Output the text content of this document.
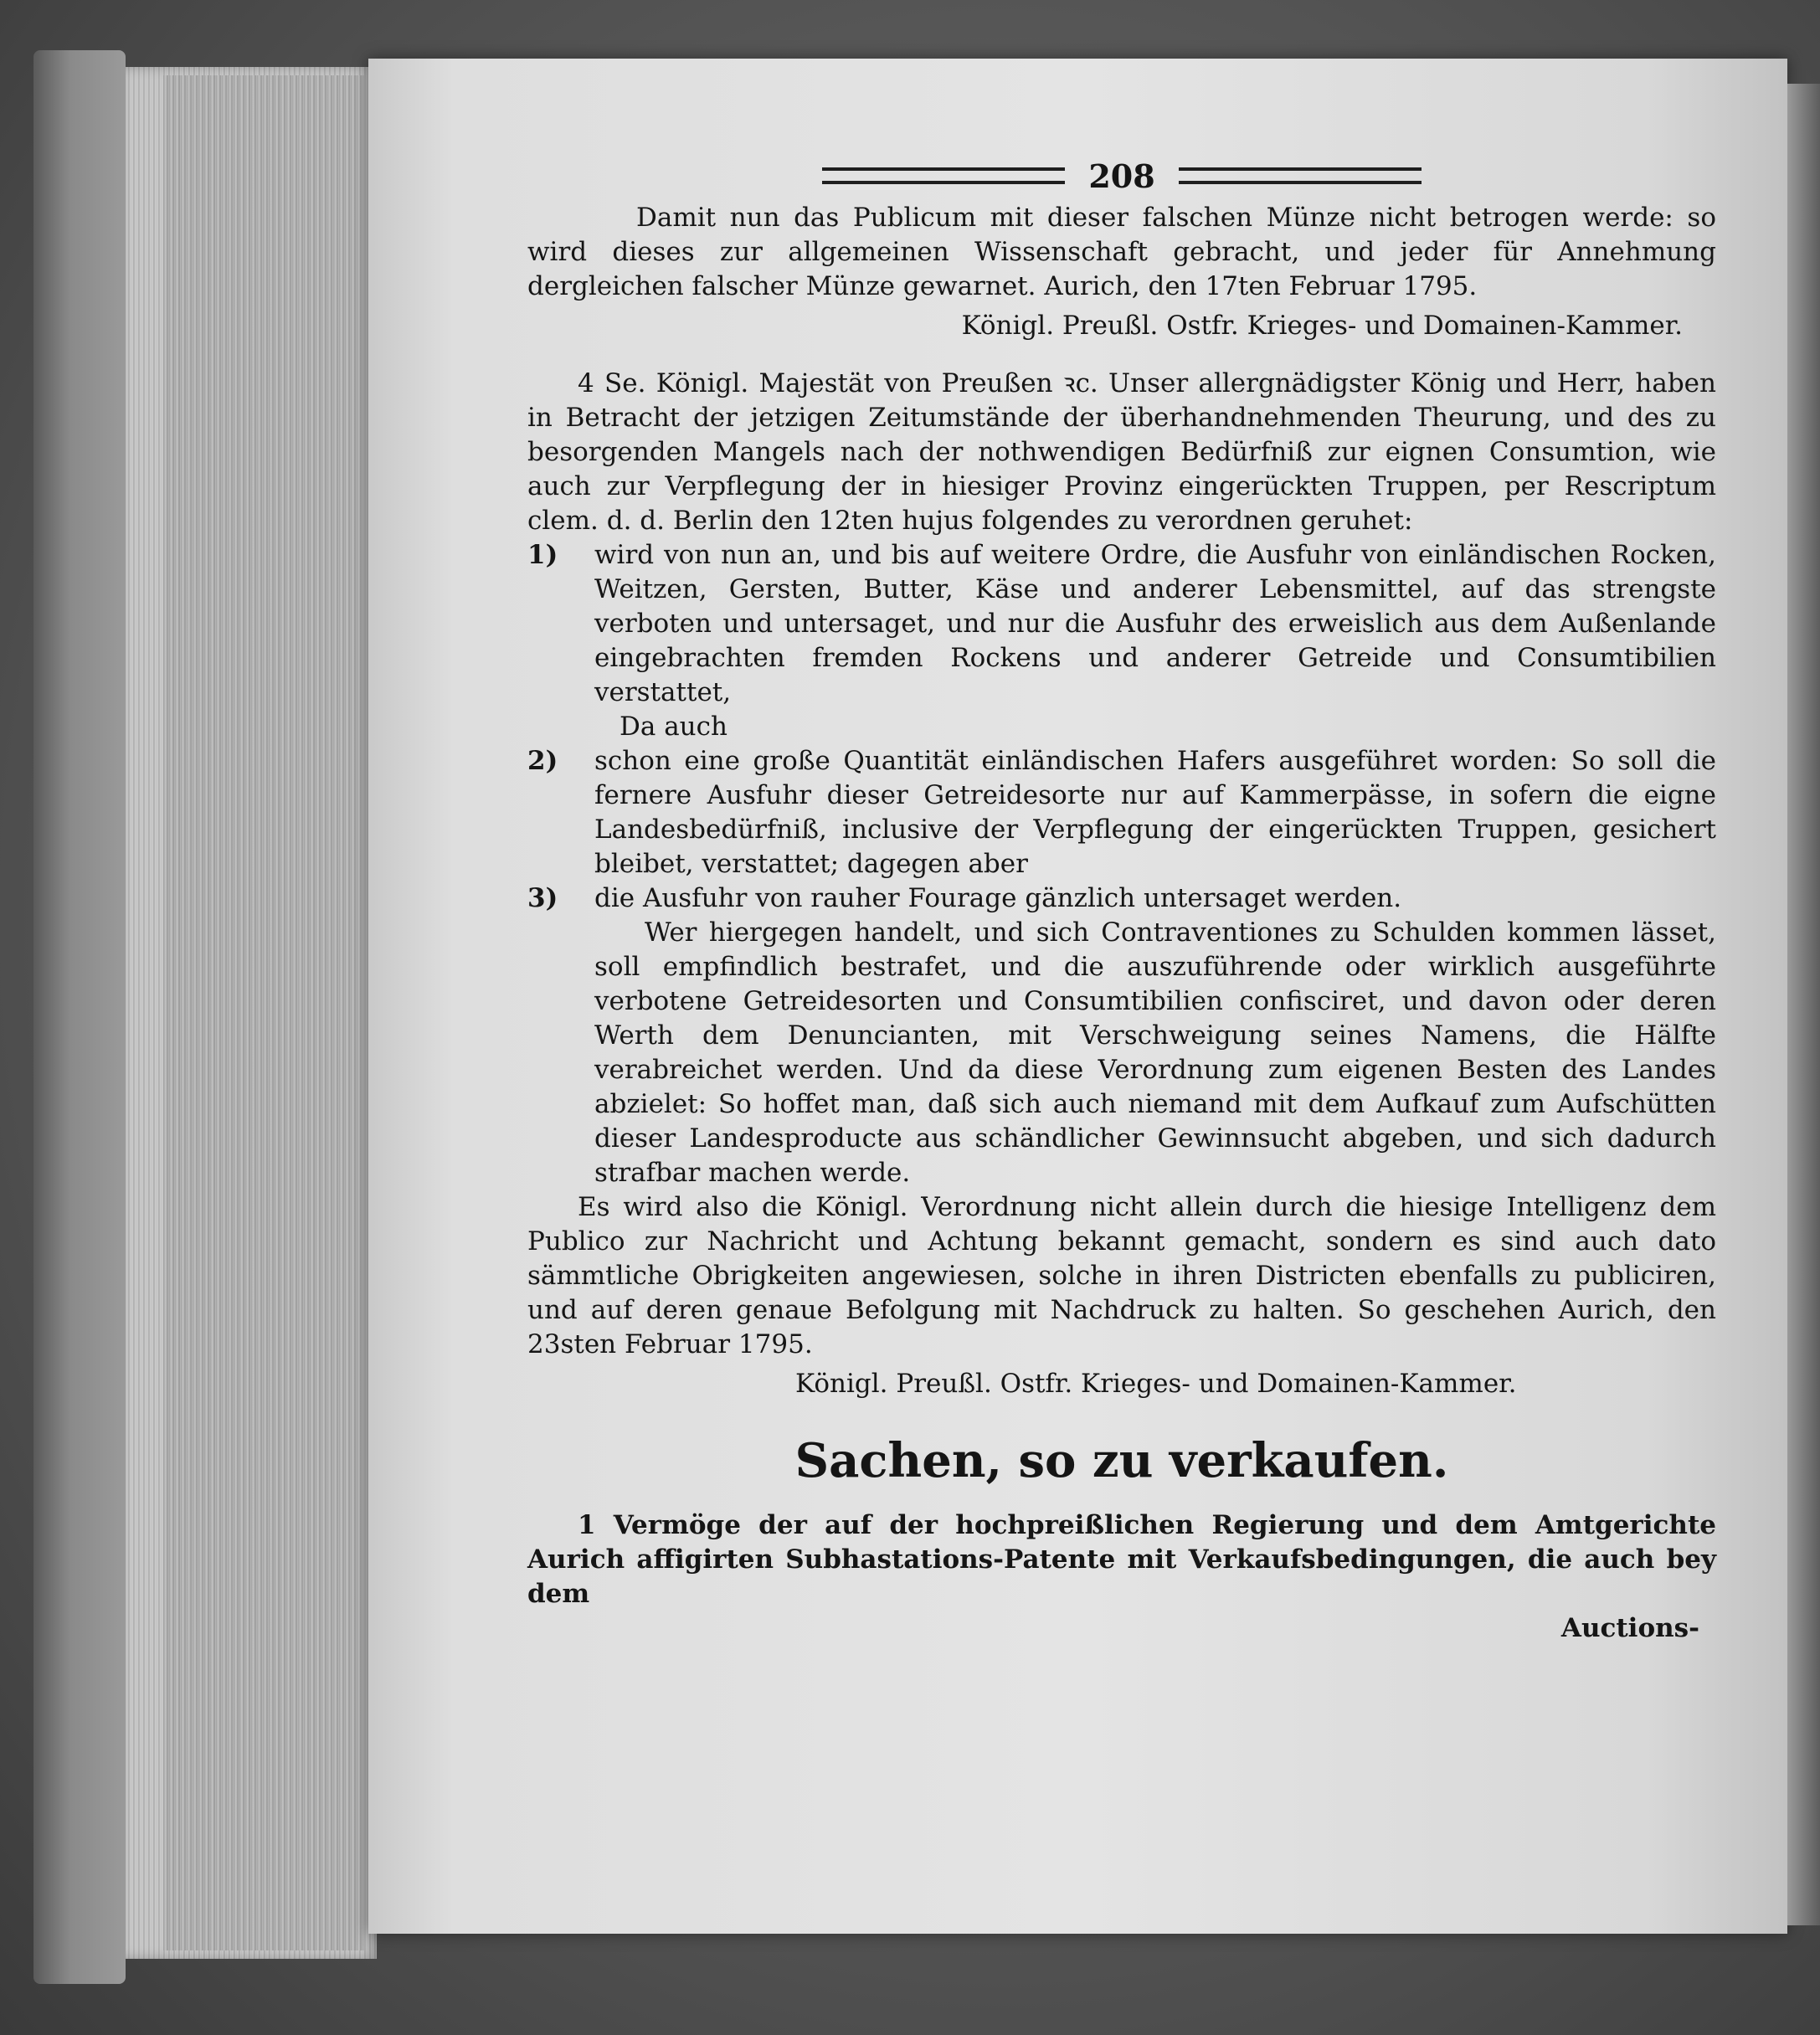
208

Damit nun das Publicum mit dieser falschen Münze nicht betrogen werde: so wird dieses zur allgemeinen Wissenschaft gebracht, und jeder für Annehmung dergleichen falscher Münze gewarnet. Aurich, den 17ten Februar 1795.

Königl. Preußl. Ostfr. Krieges- und Domainen-Kammer.

4 Se. Königl. Majestät von Preußen ꝛc. Unser allergnädigster König und Herr, haben in Betracht der jetzigen Zeitumstände der überhandnehmenden Theurung, und des zu besorgenden Mangels nach der nothwendigen Bedürfniß zur eignen Consumtion, wie auch zur Verpflegung der in hiesiger Provinz eingerückten Truppen, per Rescriptum clem. d. d. Berlin den 12ten hujus folgendes zu verordnen geruhet:

1)	wird von nun an, und bis auf weitere Ordre, die Ausfuhr von einländischen Rocken, Weitzen, Gersten, Butter, Käse und anderer Lebensmittel, auf das strengste verboten und untersaget, und nur die Ausfuhr des erweislich aus dem Außenlande eingebrachten fremden Rockens und anderer Getreide und Consumtibilien verstattet,

Da auch

2)	schon eine große Quantität einländischen Hafers ausgeführet worden: So soll die fernere Ausfuhr dieser Getreidesorte nur auf Kammerpässe, in sofern die eigne Landesbedürfniß, inclusive der Verpflegung der eingerückten Truppen, gesichert bleibet, verstattet; dagegen aber
3)	die Ausfuhr von rauher Fourage gänzlich untersaget werden.

Wer hiergegen handelt, und sich Contraventiones zu Schulden kommen lässet, soll empfindlich bestrafet, und die auszuführende oder wirklich ausgeführte verbotene Getreidesorten und Consumtibilien confisciret, und davon oder deren Werth dem Denuncianten, mit Verschweigung seines Namens, die Hälfte verabreichet werden. Und da diese Verordnung zum eigenen Besten des Landes abzielet: So hoffet man, daß sich auch niemand mit dem Aufkauf zum Aufschütten dieser Landesproducte aus schändlicher Gewinnsucht abgeben, und sich dadurch strafbar machen werde.

Es wird also die Königl. Verordnung nicht allein durch die hiesige Intelligenz dem Publico zur Nachricht und Achtung bekannt gemacht, sondern es sind auch dato sämmtliche Obrigkeiten angewiesen, solche in ihren Districten ebenfalls zu publiciren, und auf deren genaue Befolgung mit Nachdruck zu halten. So geschehen Aurich, den 23sten Februar 1795.

Königl. Preußl. Ostfr. Krieges- und Domainen-Kammer.

Sachen, so zu verkaufen.

1 Vermöge der auf der hochpreißlichen Regierung und dem Amtgerichte Aurich affigirten Subhastations-Patente mit Verkaufsbedingungen, die auch bey dem

Auctions-
